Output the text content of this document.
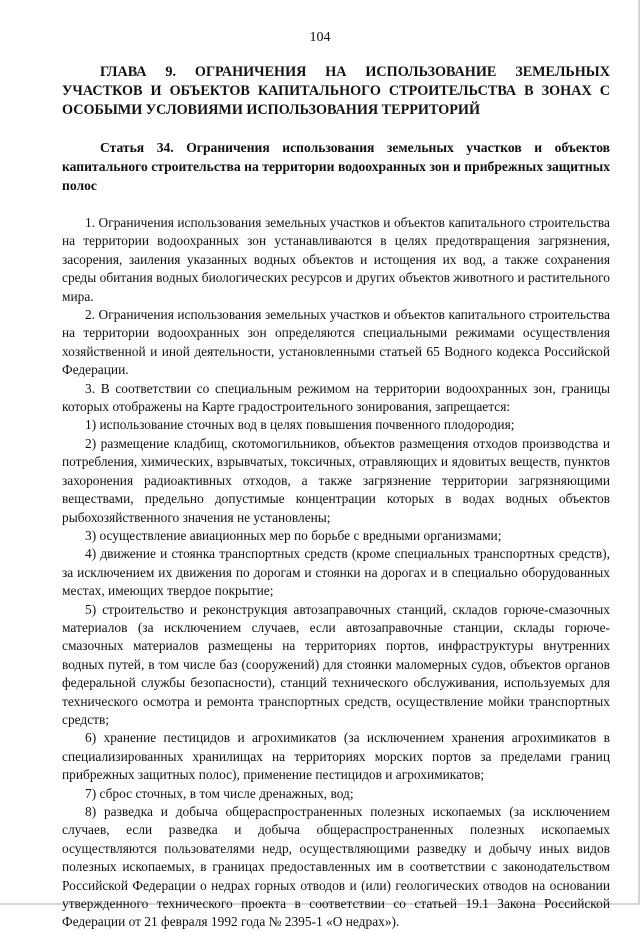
104
ГЛАВА 9. ОГРАНИЧЕНИЯ НА ИСПОЛЬЗОВАНИЕ ЗЕМЕЛЬНЫХ УЧАСТКОВ И ОБЪЕКТОВ КАПИТАЛЬНОГО СТРОИТЕЛЬСТВА В ЗОНАХ С ОСОБЫМИ УСЛОВИЯМИ ИСПОЛЬЗОВАНИЯ ТЕРРИТОРИЙ
Статья 34. Ограничения использования земельных участков и объектов капитального строительства на территории водоохранных зон и прибрежных защитных полос

1. Ограничения использования земельных участков и объектов капитального строительства на территории водоохранных зон устанавливаются в целях предотвращения загрязнения, засорения, заиления указанных водных объектов и истощения их вод, а также сохранения среды обитания водных биологических ресурсов и других объектов животного и растительного мира.

2. Ограничения использования земельных участков и объектов капитального строительства на территории водоохранных зон определяются специальными режимами осуществления хозяйственной и иной деятельности, установленными статьей 65 Водного кодекса Российской Федерации.

3. В соответствии со специальным режимом на территории водоохранных зон, границы которых отображены на Карте градостроительного зонирования, запрещается:

1) использование сточных вод в целях повышения почвенного плодородия;

2) размещение кладбищ, скотомогильников, объектов размещения отходов производства и потребления, химических, взрывчатых, токсичных, отравляющих и ядовитых веществ, пунктов захоронения радиоактивных отходов, а также загрязнение территории загрязняющими веществами, предельно допустимые концентрации которых в водах водных объектов рыбохозяйственного значения не установлены;

3) осуществление авиационных мер по борьбе с вредными организмами;

4) движение и стоянка транспортных средств (кроме специальных транспортных средств), за исключением их движения по дорогам и стоянки на дорогах и в специально оборудованных местах, имеющих твердое покрытие;

5) строительство и реконструкция автозаправочных станций, складов горюче-смазочных материалов (за исключением случаев, если автозаправочные станции, склады горюче-смазочных материалов размещены на территориях портов, инфраструктуры внутренних водных путей, в том числе баз (сооружений) для стоянки маломерных судов, объектов органов федеральной службы безопасности), станций технического обслуживания, используемых для технического осмотра и ремонта транспортных средств, осуществление мойки транспортных средств;

6) хранение пестицидов и агрохимикатов (за исключением хранения агрохимикатов в специализированных хранилищах на территориях морских портов за пределами границ прибрежных защитных полос), применение пестицидов и агрохимикатов;

7) сброс сточных, в том числе дренажных, вод;

8) разведка и добыча общераспространенных полезных ископаемых (за исключением случаев, если разведка и добыча общераспространенных полезных ископаемых осуществляются пользователями недр, осуществляющими разведку и добычу иных видов полезных ископаемых, в границах предоставленных им в соответствии с законодательством Российской Федерации о недрах горных отводов и (или) геологических отводов на основании утвержденного технического проекта в соответствии со статьей 19.1 Закона Российской Федерации от 21 февраля 1992 года № 2395-1 «О недрах»).
